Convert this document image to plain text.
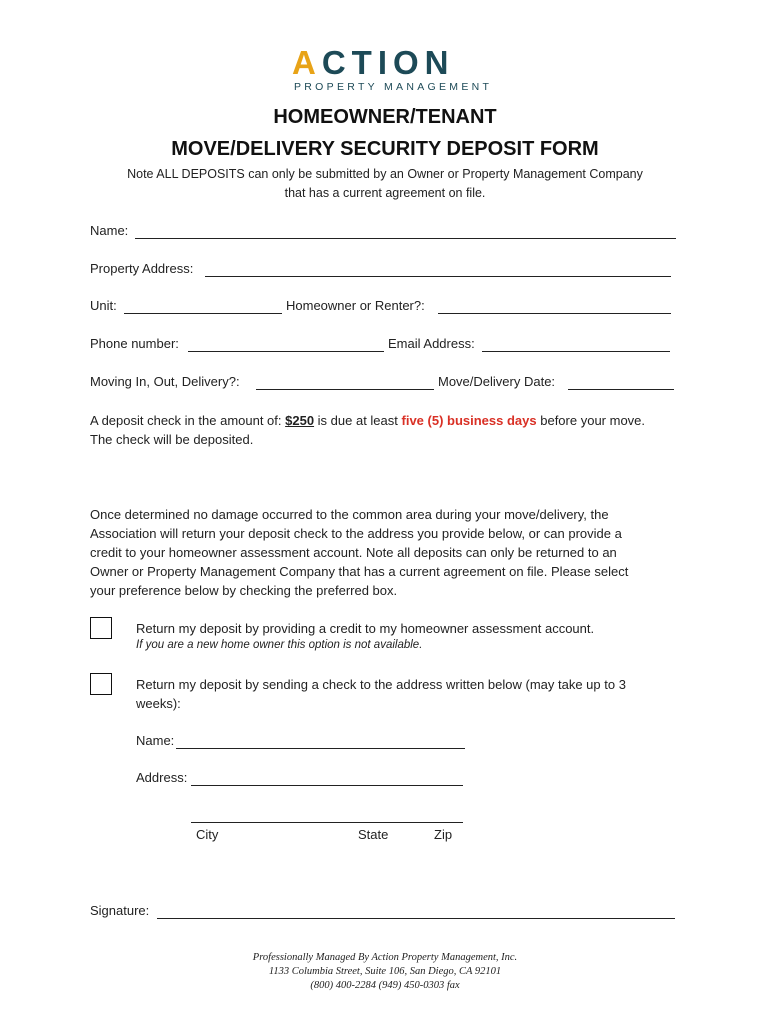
ACTION
PROPERTY MANAGEMENT
HOMEOWNER/TENANT
MOVE/DELIVERY SECURITY DEPOSIT FORM
Note ALL DEPOSITS can only be submitted by an Owner or Property Management Company
that has a current agreement on file.
Name:
Property Address:
Unit:	Homeowner or Renter?:
Phone number:	Email Address:
Moving In, Out, Delivery?:	Move/Delivery Date:
A deposit check in the amount of: $250 is due at least five (5) business days before your move.
The check will be deposited.
Once determined no damage occurred to the common area during your move/delivery, the
Association will return your deposit check to the address you provide below, or can provide a
credit to your homeowner assessment account. Note all deposits can only be returned to an
Owner or Property Management Company that has a current agreement on file. Please select
your preference below by checking the preferred box.
Return my deposit by providing a credit to my homeowner assessment account.
If you are a new home owner this option is not available.
Return my deposit by sending a check to the address written below (may take up to 3
weeks):
Name:
Address:
City	State	Zip
Signature:
Professionally Managed By Action Property Management, Inc.
1133 Columbia Street, Suite 106, San Diego, CA 92101
(800) 400-2284 (949) 450-0303 fax
